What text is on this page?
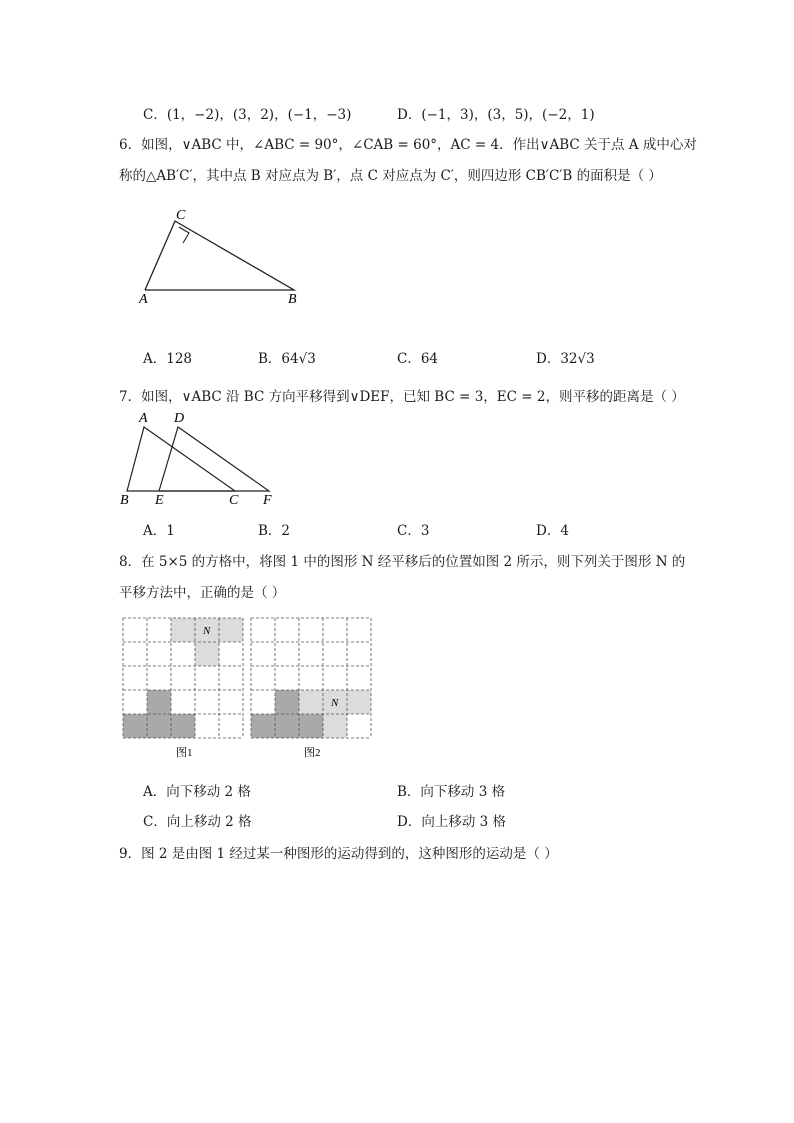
C．(1，−2)，(3，2)，(−1，−3)	D．(−1，3)，(3，5)，(−2，1)
6．如图，∨ABC 中，∠ABC = 90°，∠CAB = 60°，AC = 4．作出∨ABC 关于点 A 成中心对
称的△AB′C′，其中点 B 对应点为 B′，点 C 对应点为 C′，则四边形 CB′C′B 的面积是（ ）
C
A	B
A．128	B．64√3	C．64	D．32√3
7．如图，∨ABC 沿 BC 方向平移得到∨DEF，已知 BC = 3，EC = 2，则平移的距离是（ ）
A D
B E	C F
A．1	B．2	C．3	D．4
8．在 5×5 的方格中，将图 1 中的图形 N 经平移后的位置如图 2 所示，则下列关于图形 N 的
平移方法中，正确的是（ ）
N
图1
N
图2
A．向下移动 2 格	B．向下移动 3 格
C．向上移动 2 格	D．向上移动 3 格
9．图 2 是由图 1 经过某一种图形的运动得到的，这种图形的运动是（ ）
